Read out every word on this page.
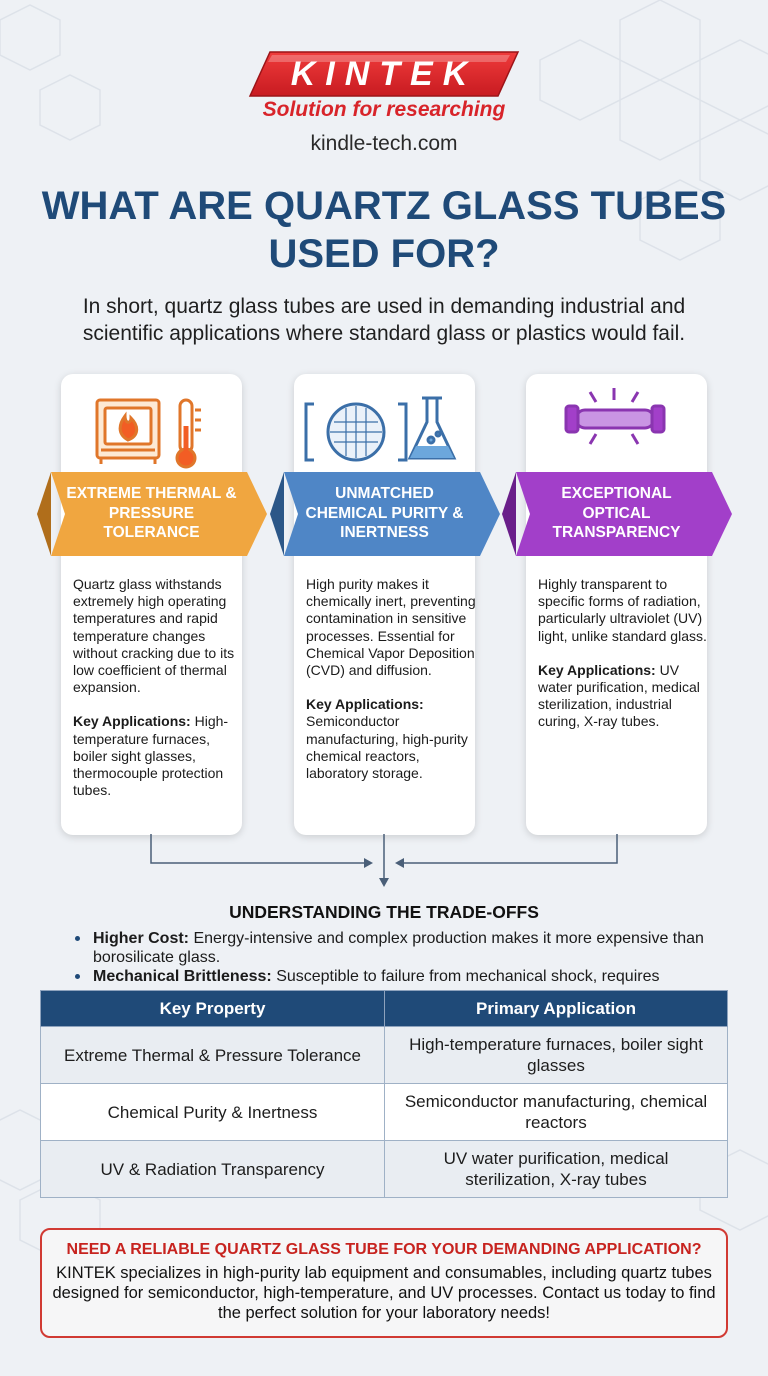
KINTEK
Solution for researching
kindle-tech.com
WHAT ARE QUARTZ GLASS TUBES USED FOR?

In short, quartz glass tubes are used in demanding industrial and scientific applications where standard glass or plastics would fail.

EXTREME THERMAL & PRESSURE TOLERANCE

Quartz glass withstands extremely high operating temperatures and rapid temperature changes without cracking due to its low coefficient of thermal expansion.

Key Applications: High-temperature furnaces, boiler sight glasses, thermocouple protection tubes.

UNMATCHED CHEMICAL PURITY & INERTNESS

High purity makes it chemically inert, preventing contamination in sensitive processes. Essential for Chemical Vapor Deposition (CVD) and diffusion.

Key Applications: Semiconductor manufacturing, high-purity chemical reactors, laboratory storage.

EXCEPTIONAL OPTICAL TRANSPARENCY

Highly transparent to specific forms of radiation, particularly ultraviolet (UV) light, unlike standard glass.

Key Applications: UV water purification, medical sterilization, industrial curing, X-ray tubes.

UNDERSTANDING THE TRADE-OFFS
Higher Cost: Energy-intensive and complex production makes it more expensive than borosilicate glass.
Mechanical Brittleness: Susceptible to failure from mechanical shock, requires
Key Property	Primary Application
Extreme Thermal & Pressure Tolerance	High-temperature furnaces, boiler sight glasses
Chemical Purity & Inertness	Semiconductor manufacturing, chemical reactors
UV & Radiation Transparency	UV water purification, medical sterilization, X-ray tubes
NEED A RELIABLE QUARTZ GLASS TUBE FOR YOUR DEMANDING APPLICATION?
KINTEK specializes in high-purity lab equipment and consumables, including quartz tubes designed for semiconductor, high-temperature, and UV processes. Contact us today to find the perfect solution for your laboratory needs!
